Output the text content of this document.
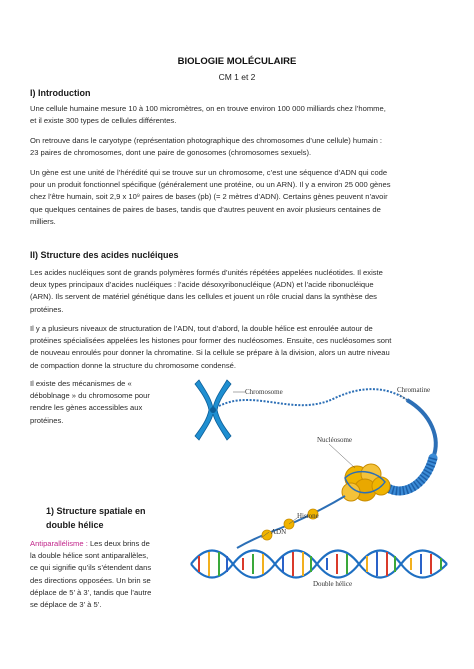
BIOLOGIE MOLÉCULAIRE

CM 1 et 2

I) Introduction

Une cellule humaine mesure 10 à 100 micromètres, on en trouve environ 100 000 milliards chez l’homme,
et il existe 300 types de cellules différentes.
On retrouve dans le caryotype (représentation photographique des chromosomes d’une cellule) humain :
23 paires de chromosomes, dont une paire de gonosomes (chromosomes sexuels).
Un gène est une unité de l’hérédité qui se trouve sur un chromosome, c’est une séquence d’ADN qui code
pour un produit fonctionnel spécifique (généralement une protéine, ou un ARN). Il y a environ 25 000 gènes
chez l’être humain, soit 2,9 x 10⁹ paires de bases (pb) (= 2 mètres d’ADN). Certains gènes peuvent n’avoir
que quelques centaines de paires de bases, tandis que d’autres peuvent en avoir plusieurs centaines de
milliers.

II) Structure des acides nucléiques

Les acides nucléiques sont de grands polymères formés d’unités répétées appelées nucléotides. Il existe
deux types principaux d’acides nucléiques : l’acide désoxyribonucléique (ADN) et l’acide ribonucléique
(ARN). Ils servent de matériel génétique dans les cellules et jouent un rôle crucial dans la synthèse des
protéines.
Il y a plusieurs niveaux de structuration de l’ADN, tout d’abord, la double hélice est enroulée autour de
protéines spécialisées appelées les histones pour former des nucléosomes. Ensuite, ces nucléosomes sont
de nouveau enroulés pour donner la chromatine. Si la cellule se prépare à la division, alors un autre niveau
de compaction donne la structure du chromosome condensé.
Il existe des mécanismes de «
déboblnage » du chromosome pour
rendre les gènes accessibles aux
protéines.
1) Structure spatiale en
double hélice
Antiparallélisme : Les deux brins de
la double hélice sont antiparallèles,
ce qui signifie qu’ils s’étendent dans
des directions opposées. Un brin se
déplace de 5’ à 3’, tandis que l’autre
se déplace de 3’ à 5’.
Chromosome	Chromatine
Nucléosome
Histone
ADN
Double hélice
